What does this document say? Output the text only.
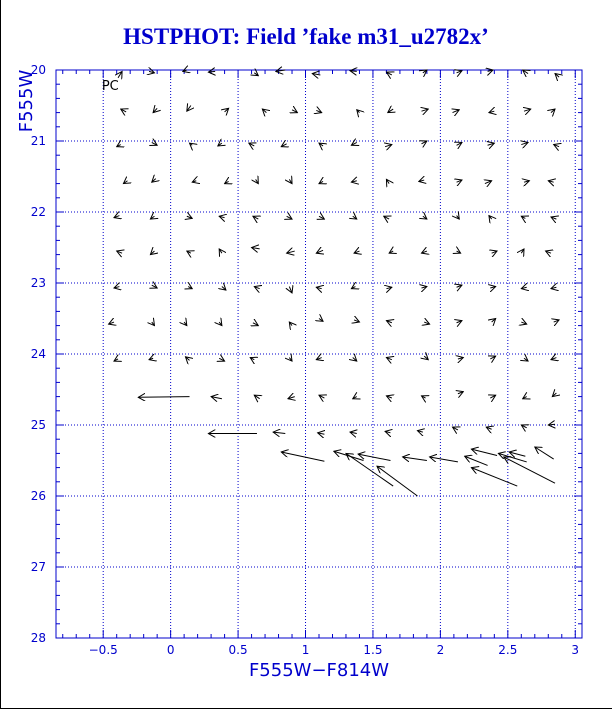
HSTPHOT: Field ’fake m31_u2782x’
−0.5	0	0.5	1	1.5	2	2.5	3
20
21
22
23
24
25
26
27
28
PC
F555W−F814W
F555W
